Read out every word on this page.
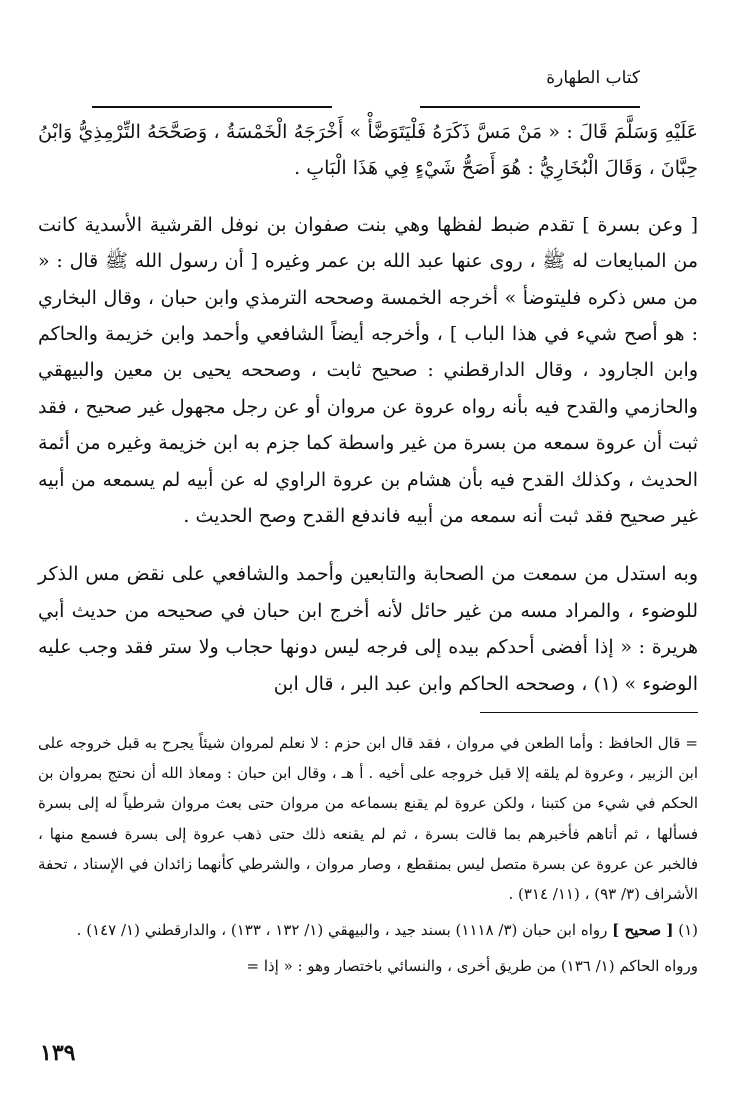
كتاب الطهارة

عَلَيْهِ وَسَلَّمَ قَالَ : « مَنْ مَسَّ ذَكَرَهُ فَلْيَتَوَضَّأْ » أَخْرَجَهُ الْخَمْسَةُ ، وَصَحَّحَهُ التِّرْمِذِيُّ وَابْنُ حِبَّانَ ، وَقَالَ الْبُخَارِيُّ : هُوَ أَصَحُّ شَيْءٍ فِي هَذَا الْبَابِ .

[ وعن بسرة ] تقدم ضبط لفظها وهي بنت صفوان بن نوفل القرشية الأسدية كانت من المبايعات له ﷺ ، روى عنها عبد الله بن عمر وغيره [ أن رسول الله ﷺ قال : « من مس ذكره فليتوضأ » أخرجه الخمسة وصححه الترمذي وابن حبان ، وقال البخاري : هو أصح شيء في هذا الباب ] ، وأخرجه أيضاً الشافعي وأحمد وابن خزيمة والحاكم وابن الجارود ، وقال الدارقطني : صحيح ثابت ، وصححه يحيى بن معين والبيهقي والحازمي والقدح فيه بأنه رواه عروة عن مروان أو عن رجل مجهول غير صحيح ، فقد ثبت أن عروة سمعه من بسرة من غير واسطة كما جزم به ابن خزيمة وغيره من أئمة الحديث ، وكذلك القدح فيه بأن هشام بن عروة الراوي له عن أبيه لم يسمعه من أبيه غير صحيح فقد ثبت أنه سمعه من أبيه فاندفع القدح وصح الحديث .

وبه استدل من سمعت من الصحابة والتابعين وأحمد والشافعي على نقض مس الذكر للوضوء ، والمراد مسه من غير حائل لأنه أخرج ابن حبان في صحيحه من حديث أبي هريرة : « إذا أفضى أحدكم بيده إلى فرجه ليس دونها حجاب ولا ستر فقد وجب عليه الوضوء » (١) ، وصححه الحاكم وابن عبد البر ، قال ابن

= قال الحافظ : وأما الطعن في مروان ، فقد قال ابن حزم : لا نعلم لمروان شيئاً يجرح به قبل خروجه على ابن الزبير ، وعروة لم يلقه إلا قبل خروجه على أخيه . أ هـ ، وقال ابن حبان : ومعاذ الله أن نحتج بمروان بن الحكم في شيء من كتبنا ، ولكن عروة لم يقنع بسماعه من مروان حتى بعث مروان شرطياً له إلى بسرة فسألها ، ثم أتاهم فأخبرهم بما قالت بسرة ، ثم لم يقنعه ذلك حتى ذهب عروة إلى بسرة فسمع منها ، فالخبر عن عروة عن بسرة متصل ليس بمنقطع ، وصار مروان ، والشرطي كأنهما زائدان في الإسناد ، تحفة الأشراف (٣/ ٩٣) ، (١١/ ٣١٤) .

(١) [ صحيح ] رواه ابن حبان (٣/ ١١١٨) بسند جيد ، والبيهقي (١/ ١٣٢ ، ١٣٣) ، والدارقطني (١/ ١٤٧) .

ورواه الحاكم (١/ ١٣٦) من طريق أخرى ، والنسائي باختصار وهو : « إذا =

١٣٩
